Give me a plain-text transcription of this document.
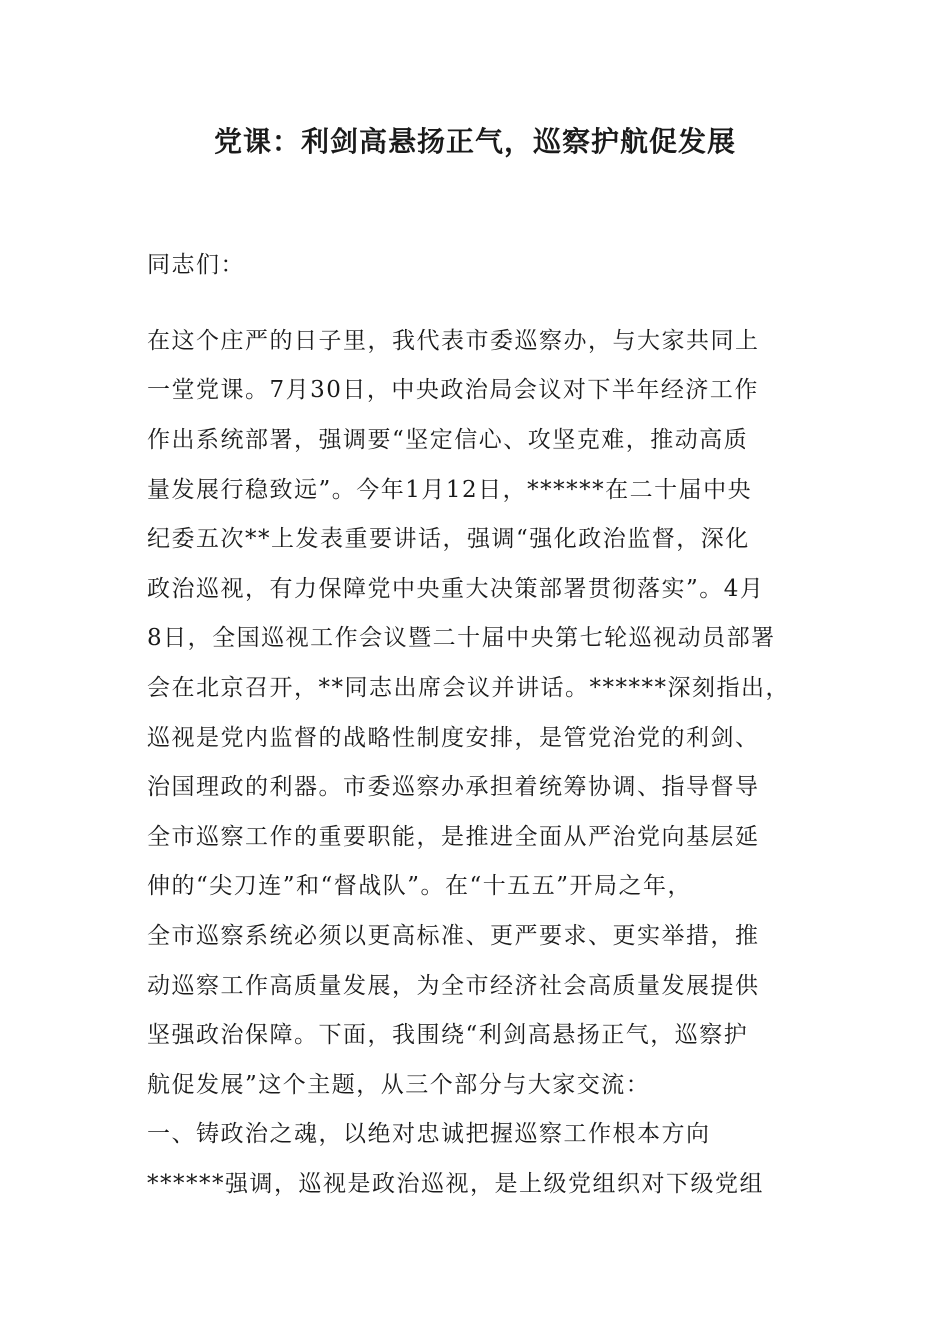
党课：利剑高悬扬正气，巡察护航促发展
同志们：
在这个庄严的日子里，我代表市委巡察办，与大家共同上
一堂党课。7月30日，中央政治局会议对下半年经济工作
作出系统部署，强调要“坚定信心、攻坚克难，推动高质
量发展行稳致远”。今年1月12日，******在二十届中央
纪委五次**上发表重要讲话，强调“强化政治监督，深化
政治巡视，有力保障党中央重大决策部署贯彻落实”。4月
8日，全国巡视工作会议暨二十届中央第七轮巡视动员部署
会在北京召开，**同志出席会议并讲话。******深刻指出，
巡视是党内监督的战略性制度安排，是管党治党的利剑、
治国理政的利器。市委巡察办承担着统筹协调、指导督导
全市巡察工作的重要职能，是推进全面从严治党向基层延
伸的“尖刀连”和“督战队”。在“十五五”开局之年，
全市巡察系统必须以更高标准、更严要求、更实举措，推
动巡察工作高质量发展，为全市经济社会高质量发展提供
坚强政治保障。下面，我围绕“利剑高悬扬正气，巡察护
航促发展”这个主题，从三个部分与大家交流：
一、铸政治之魂，以绝对忠诚把握巡察工作根本方向
******强调，巡视是政治巡视，是上级党组织对下级党组
